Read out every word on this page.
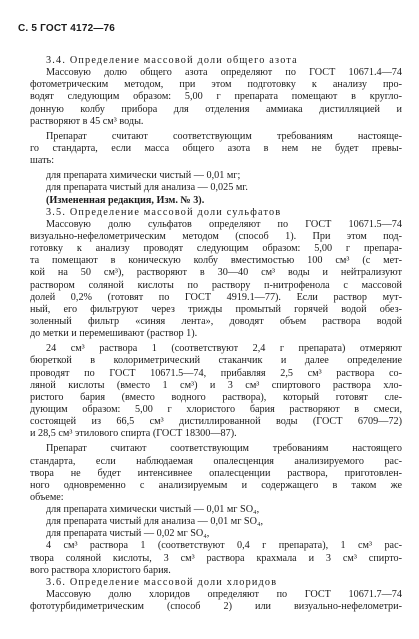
С. 5 ГОСТ 4172—76
3.4. Определение массовой доли общего азота
Массовую долю общего азота определяют по ГОСТ 10671.4—74
фотометрическим методом, при этом подготовку к анализу про-
водят следующим образом: 5,00 г препарата помещают в кругло-
донную колбу прибора для отделения аммиака дистилляцией и
растворяют в 45 см³ воды.
Препарат считают соответствующим требованиям настояще-
го стандарта, если масса общего азота в нем не будет превы-
шать:
для препарата химически чистый — 0,01 мг;
для препарата чистый для анализа — 0,025 мг.
(Измененная редакция, Изм. № 3).
3.5. Определение массовой доли сульфатов
Массовую долю сульфатов определяют по ГОСТ 10671.5—74
визуально-нефелометрическим методом (способ 1). При этом под-
готовку к анализу проводят следующим образом: 5,00 г препара-
та помещают в коническую колбу вместимостью 100 см³ (с мет-
кой на 50 см³), растворяют в 30—40 см³ воды и нейтрализуют
раствором соляной кислоты по раствору п-нитрофенола с массовой
долей 0,2% (готовят по ГОСТ 4919.1—77). Если раствор мут-
ный, его фильтруют через трижды промытый горячей водой обез-
золенный фильтр «синяя лента», доводят объем раствора водой
до метки и перемешивают (раствор 1).
24 см³ раствора 1 (соответствуют 2,4 г препарата) отмеряют
бюреткой в колориметрический стаканчик и далее определение
проводят по ГОСТ 10671.5—74, прибавляя 2,5 см³ раствора со-
ляной кислоты (вместо 1 см³) и 3 см³ спиртового раствора хло-
ристого бария (вместо водного раствора), который готовят сле-
дующим образом: 5,00 г хлористого бария растворяют в смеси,
состоящей из 66,5 см³ дистиллированной воды (ГОСТ 6709—72)
и 28,5 см³ этилового спирта (ГОСТ 18300—87).
Препарат считают соответствующим требованиям настоящего
стандарта, если наблюдаемая опалесценция анализируемого рас-
твора не будет интенсивнее опалесценции раствора, приготовлен-
ного одновременно с анализируемым и содержащего в таком же
объеме:
для препарата химически чистый — 0,01 мг SO₄,
для препарата чистый для анализа — 0,01 мг SO₄,
для препарата чистый — 0,02 мг SO₄,
4 см³ раствора 1 (соответствуют 0,4 г препарата), 1 см³ рас-
твора соляной кислоты, 3 см³ раствора крахмала и 3 см³ спирто-
вого раствора хлористого бария.
3.6. Определение массовой доли хлоридов
Массовую долю хлоридов определяют по ГОСТ 10671.7—74
фототурбидиметрическим (способ 2) или визуально-нефелометри-
